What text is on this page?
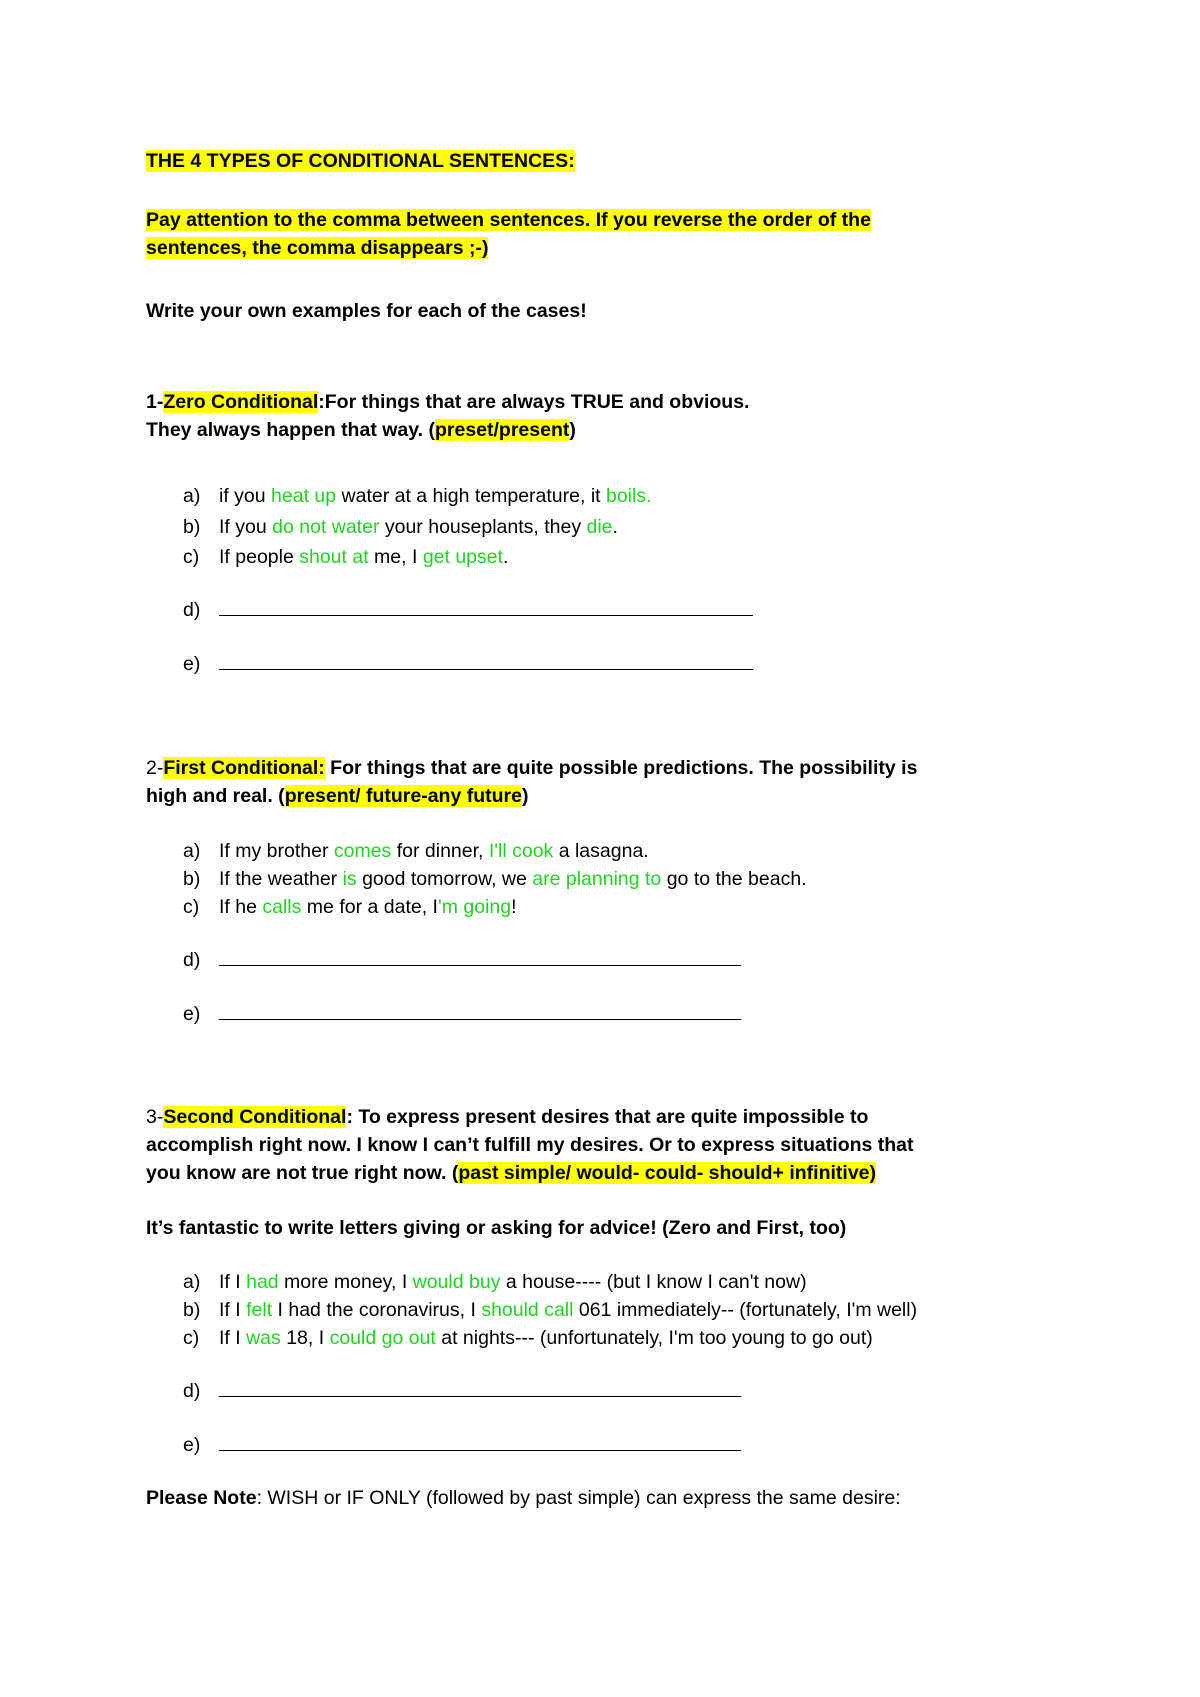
THE 4 TYPES OF CONDITIONAL SENTENCES:
Pay attention to the comma between sentences. If you reverse the order of the
sentences, the comma disappears ;-)
Write your own examples for each of the cases!
1-Zero Conditional:For things that are always TRUE and obvious.
They always happen that way. (preset/present)
a) if you heat up water at a high temperature, it boils.
b) If you do not water your houseplants, they die.
c) If people shout at me, I get upset.
d)
e)
2-First Conditional: For things that are quite possible predictions. The possibility is
high and real. (present/ future-any future)
a) If my brother comes for dinner, I'll cook a lasagna.
b) If the weather is good tomorrow, we are planning to go to the beach.
c) If he calls me for a date, I'm going!
d)
e)
3-Second Conditional: To express present desires that are quite impossible to
accomplish right now. I know I can’t fulfill my desires. Or to express situations that
you know are not true right now. (past simple/ would- could- should+ infinitive)
It’s fantastic to write letters giving or asking for advice! (Zero and First, too)
a) If I had more money, I would buy a house---- (but I know I can't now)
b) If I felt I had the coronavirus, I should call 061 immediately-- (fortunately, I'm well)
c) If I was 18, I could go out at nights--- (unfortunately, I'm too young to go out)
d)
e)
Please Note: WISH or IF ONLY (followed by past simple) can express the same desire:
